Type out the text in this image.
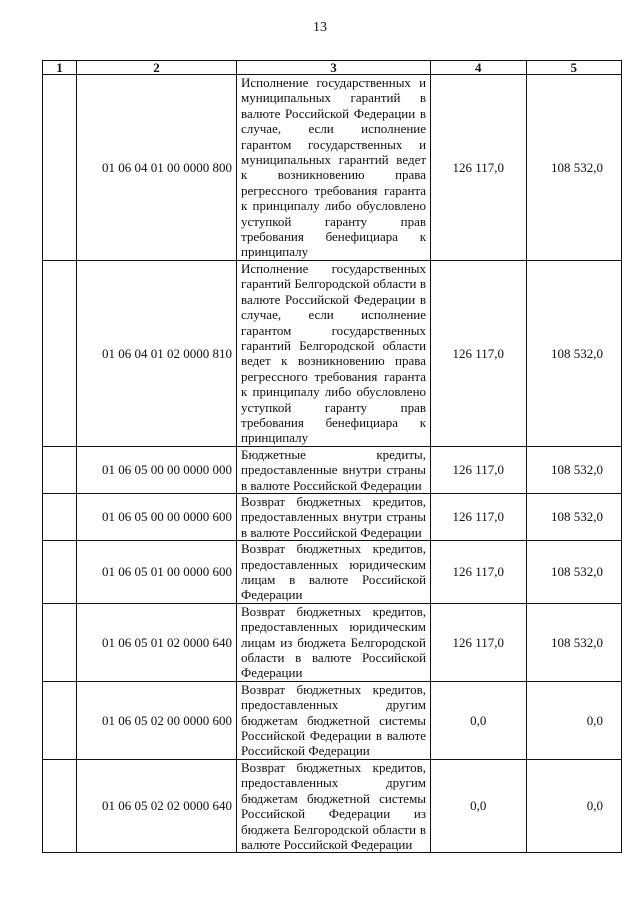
13
1	2	3	4	5
	01 06 04 01 00 0000 800	Исполнение государственных и муниципальных гарантий в валюте Российской Федерации в случае, если исполнение гарантом государственных и муниципальных гарантий ведет к возникновению права регрессного требования гаранта к принципалу либо обусловлено уступкой гаранту прав требования бенефициара к принципалу	126 117,0	108 532,0
	01 06 04 01 02 0000 810	Исполнение государственных гарантий Белгородской области в валюте Российской Федерации в случае, если исполнение гарантом государственных гарантий Белгородской области ведет к возникновению права регрессного требования гаранта к принципалу либо обусловлено уступкой гаранту прав требования бенефициара к принципалу	126 117,0	108 532,0
	01 06 05 00 00 0000 000	Бюджетные кредиты, предоставленные внутри страны в валюте Российской Федерации	126 117,0	108 532,0
	01 06 05 00 00 0000 600	Возврат бюджетных кредитов, предоставленных внутри страны в валюте Российской Федерации	126 117,0	108 532,0
	01 06 05 01 00 0000 600	Возврат бюджетных кредитов, предоставленных юридическим лицам в валюте Российской Федерации	126 117,0	108 532,0
	01 06 05 01 02 0000 640	Возврат бюджетных кредитов, предоставленных юридическим лицам из бюджета Белгородской области в валюте Российской Федерации	126 117,0	108 532,0
	01 06 05 02 00 0000 600	Возврат бюджетных кредитов, предоставленных другим бюджетам бюджетной системы Российской Федерации в валюте Российской Федерации	0,0	0,0
	01 06 05 02 02 0000 640	Возврат бюджетных кредитов, предоставленных другим бюджетам бюджетной системы Российской Федерации из бюджета Белгородской области в валюте Российской Федерации	0,0	0,0
